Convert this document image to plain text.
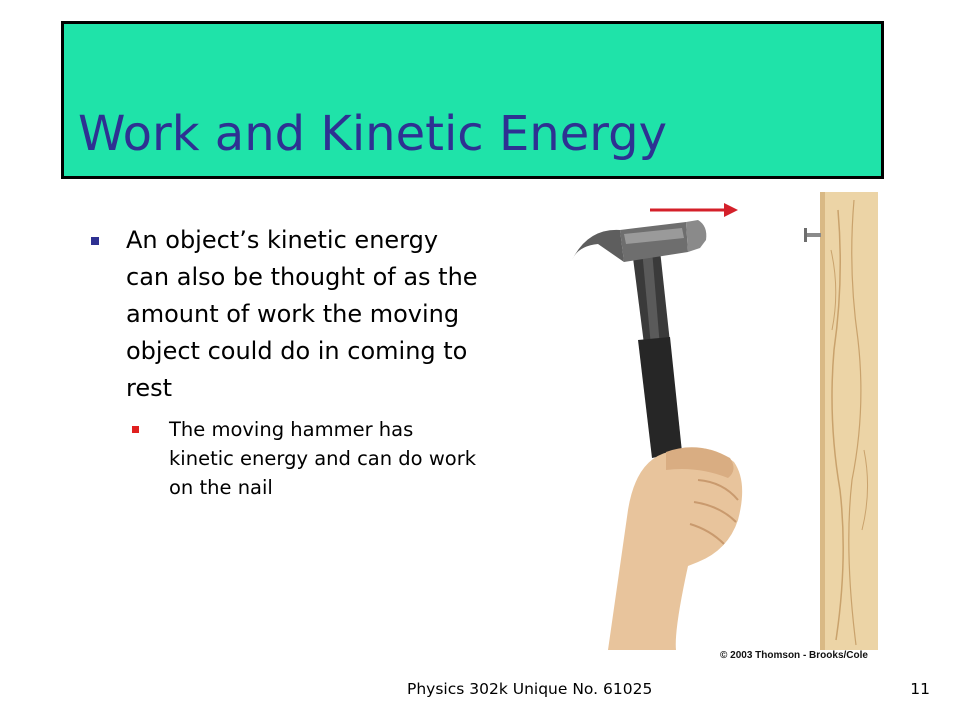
Work and Kinetic Energy
An object’s kinetic energy can also be thought of as the amount of work the moving object could do in coming to rest
The moving hammer has kinetic energy and can do work on the nail
© 2003 Thomson - Brooks/Cole
Physics 302k Unique No. 61025	11
